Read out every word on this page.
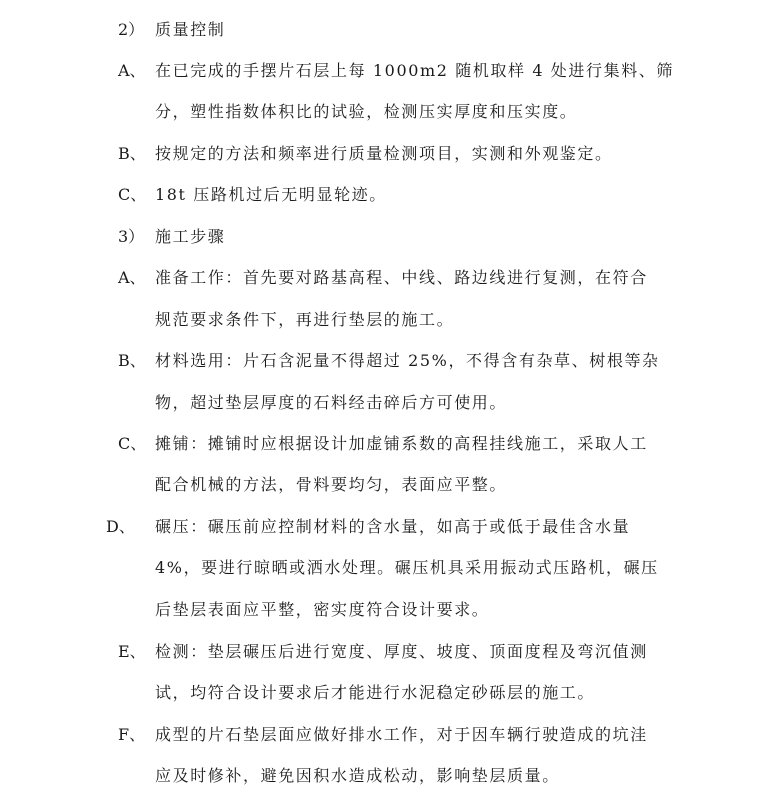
2） 质量控制
A、 在已完成的手摆片石层上每 1000m2 随机取样 4 处进行集料、筛
分，塑性指数体积比的试验，检测压实厚度和压实度。
B、 按规定的方法和频率进行质量检测项目，实测和外观鉴定。
C、 18t 压路机过后无明显轮迹。
3） 施工步骤
A、 准备工作：首先要对路基高程、中线、路边线进行复测，在符合
规范要求条件下，再进行垫层的施工。
B、 材料选用：片石含泥量不得超过 25%，不得含有杂草、树根等杂
物，超过垫层厚度的石料经击碎后方可使用。
C、 摊铺：摊铺时应根据设计加虚铺系数的高程挂线施工，采取人工
配合机械的方法，骨料要均匀，表面应平整。
D、 碾压：碾压前应控制材料的含水量，如高于或低于最佳含水量
4%，要进行晾晒或洒水处理。碾压机具采用振动式压路机，碾压
后垫层表面应平整，密实度符合设计要求。
E、 检测：垫层碾压后进行宽度、厚度、坡度、顶面度程及弯沉值测
试，均符合设计要求后才能进行水泥稳定砂砾层的施工。
F、 成型的片石垫层面应做好排水工作，对于因车辆行驶造成的坑洼
应及时修补，避免因积水造成松动，影响垫层质量。
